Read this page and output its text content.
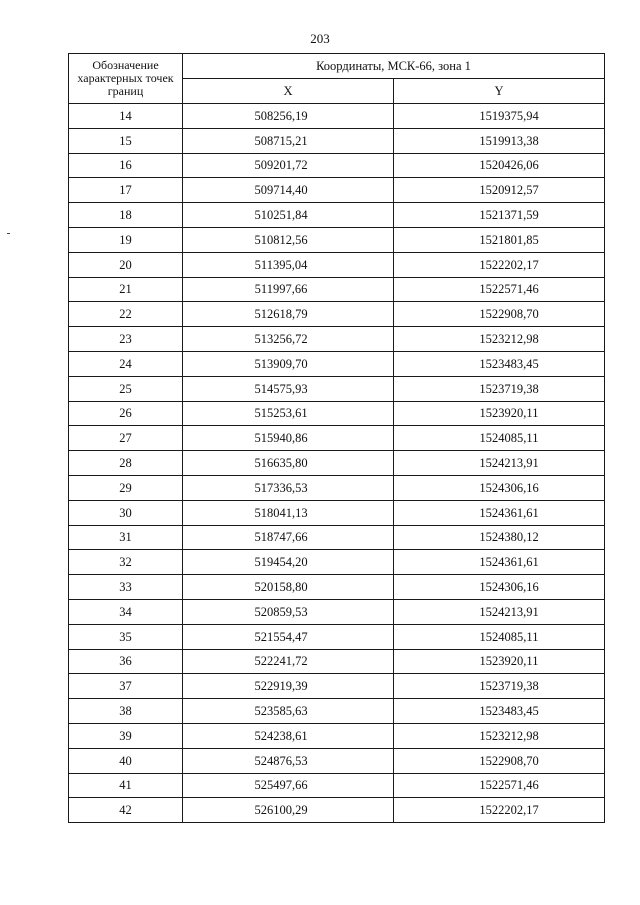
203
Обозначение характерных точек границ	Координаты, МСК-66, зона 1	
	X	Y
14	508256,19	1519375,94
15	508715,21	1519913,38
16	509201,72	1520426,06
17	509714,40	1520912,57
18	510251,84	1521371,59
19	510812,56	1521801,85
20	511395,04	1522202,17
21	511997,66	1522571,46
22	512618,79	1522908,70
23	513256,72	1523212,98
24	513909,70	1523483,45
25	514575,93	1523719,38
26	515253,61	1523920,11
27	515940,86	1524085,11
28	516635,80	1524213,91
29	517336,53	1524306,16
30	518041,13	1524361,61
31	518747,66	1524380,12
32	519454,20	1524361,61
33	520158,80	1524306,16
34	520859,53	1524213,91
35	521554,47	1524085,11
36	522241,72	1523920,11
37	522919,39	1523719,38
38	523585,63	1523483,45
39	524238,61	1523212,98
40	524876,53	1522908,70
41	525497,66	1522571,46
42	526100,29	1522202,17
